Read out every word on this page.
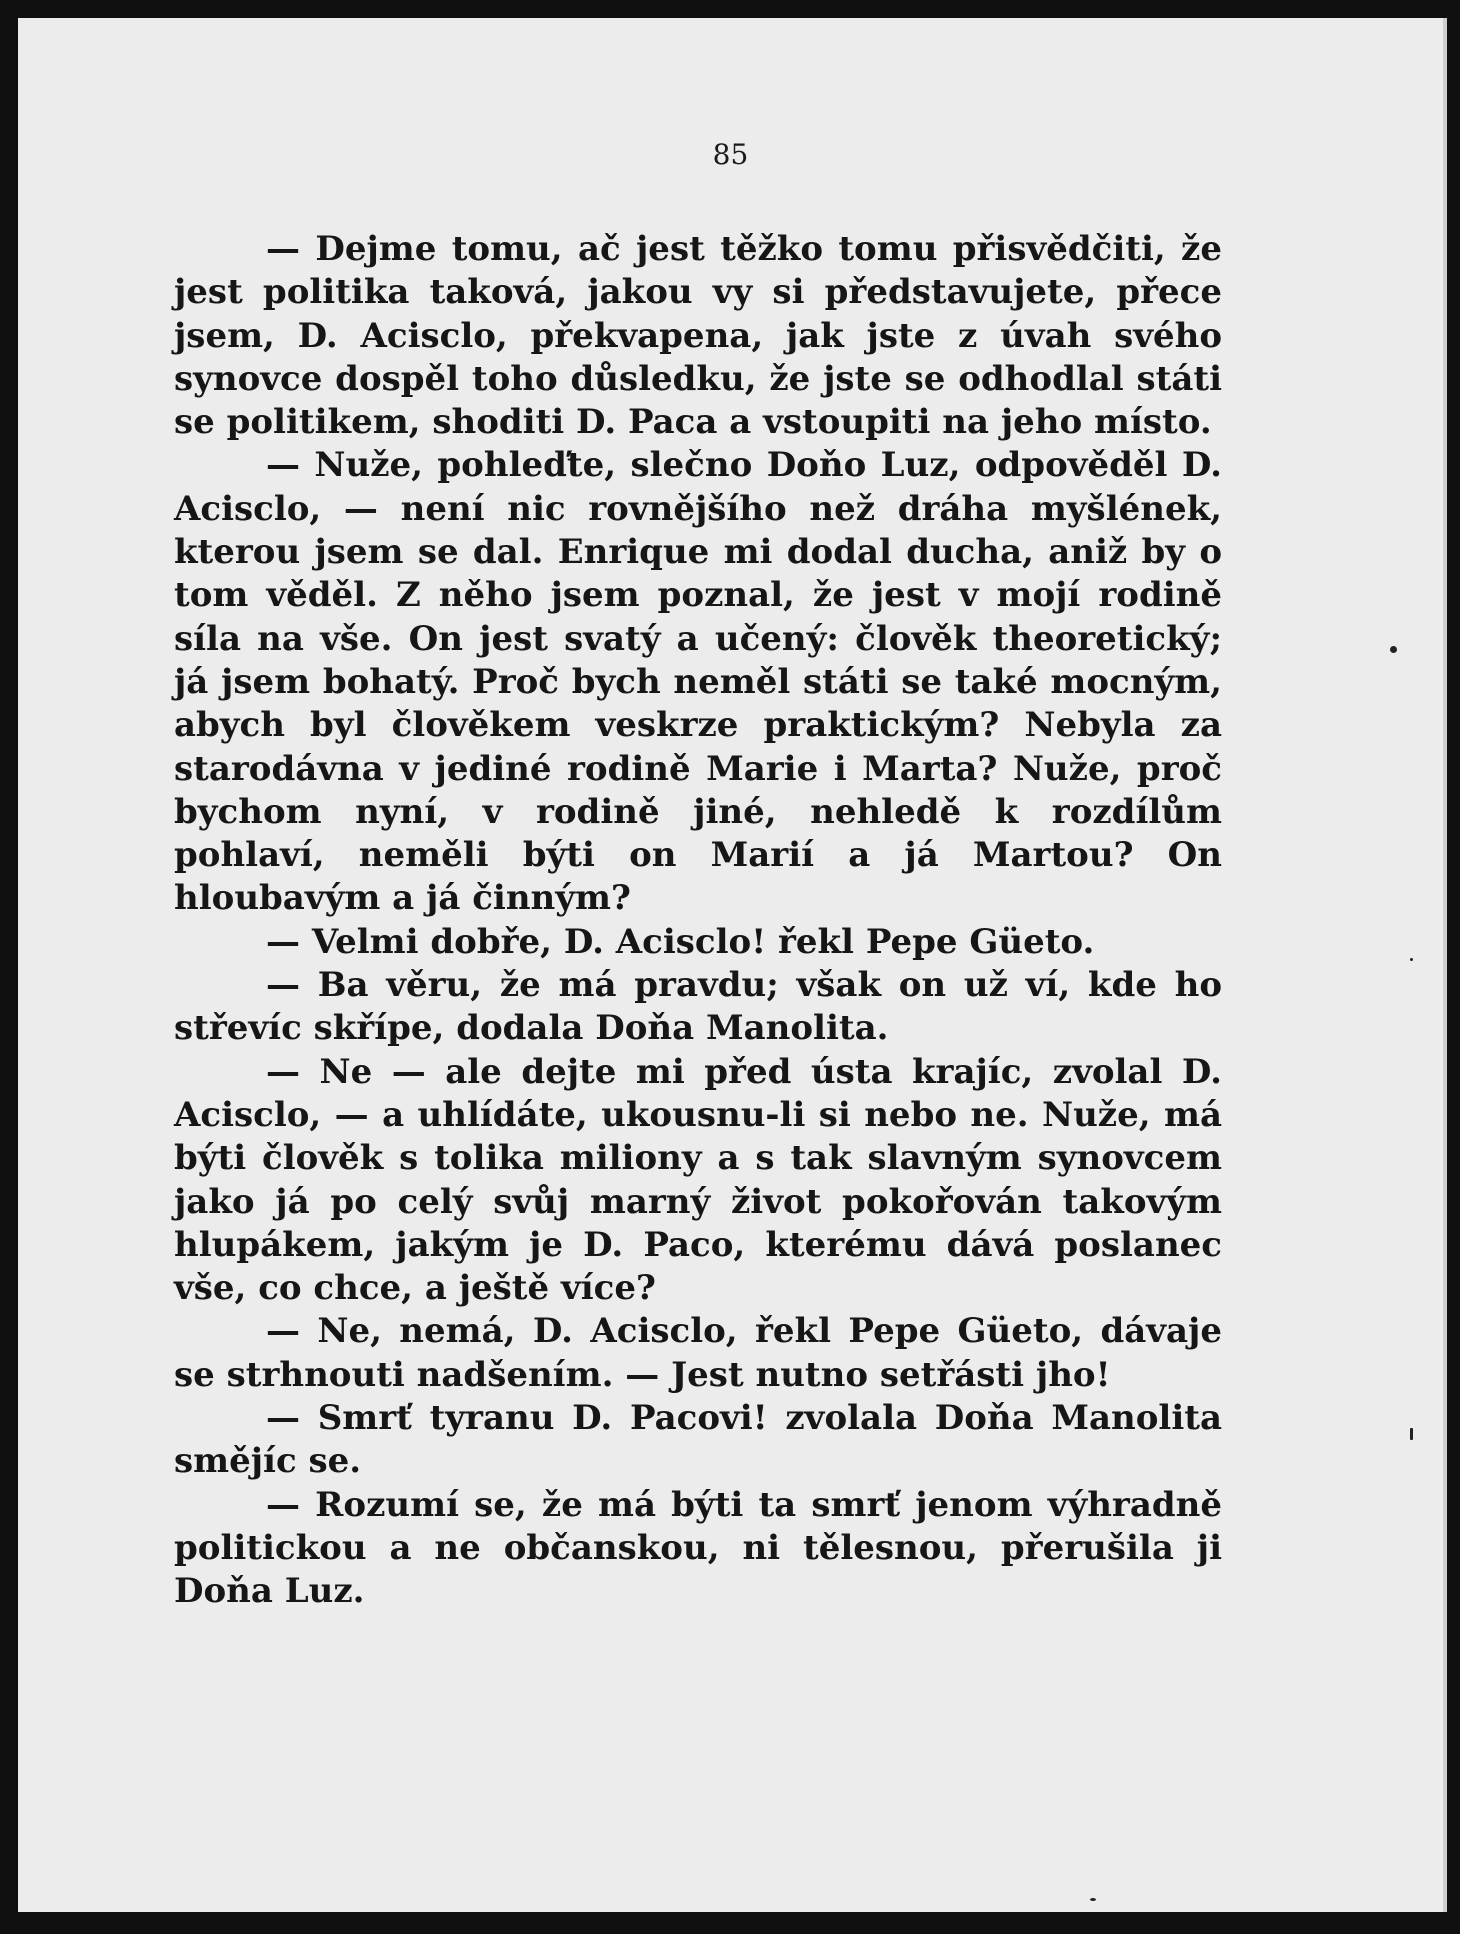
85

— Dejme tomu, ač jest těžko tomu přisvědčiti, že jest politika taková, jakou vy si představujete, přece jsem, D. Acisclo, překvapena, jak jste z úvah svého synovce dospěl toho důsledku, že jste se odhodlal státi se politikem, shoditi D. Paca a vstoupiti na jeho místo.

— Nuže, pohleďte, slečno Doňo Luz, odpověděl D. Acisclo, — není nic rovnějšího než dráha myšlének, kterou jsem se dal. Enrique mi dodal ducha, aniž by o tom věděl. Z něho jsem poznal, že jest v mojí rodině síla na vše. On jest svatý a učený: člověk theoretický; já jsem bohatý. Proč bych neměl státi se také mocným, abych byl člověkem veskrze praktickým? Nebyla za starodávna v jediné rodině Marie i Marta? Nuže, proč bychom nyní, v rodině jiné, nehledě k rozdílům pohlaví, neměli býti on Marií a já Martou? On hloubavým a já činným?

— Velmi dobře, D. Acisclo! řekl Pepe Güeto.

— Ba věru, že má pravdu; však on už ví, kde ho střevíc skřípe, dodala Doňa Manolita.

— Ne — ale dejte mi před ústa krajíc, zvolal D. Acisclo, — a uhlídáte, ukousnu-li si nebo ne. Nuže, má býti člověk s tolika miliony a s tak slavným synovcem jako já po celý svůj marný život pokořován takovým hlupákem, jakým je D. Paco, kterému dává poslanec vše, co chce, a ještě více?

— Ne, nemá, D. Acisclo, řekl Pepe Güeto, dávaje se strhnouti nadšením. — Jest nutno setřásti jho!

— Smrť tyranu D. Pacovi! zvolala Doňa Manolita smějíc se.

— Rozumí se, že má býti ta smrť jenom výhradně politickou a ne občanskou, ni tělesnou, přerušila ji Doňa Luz.
